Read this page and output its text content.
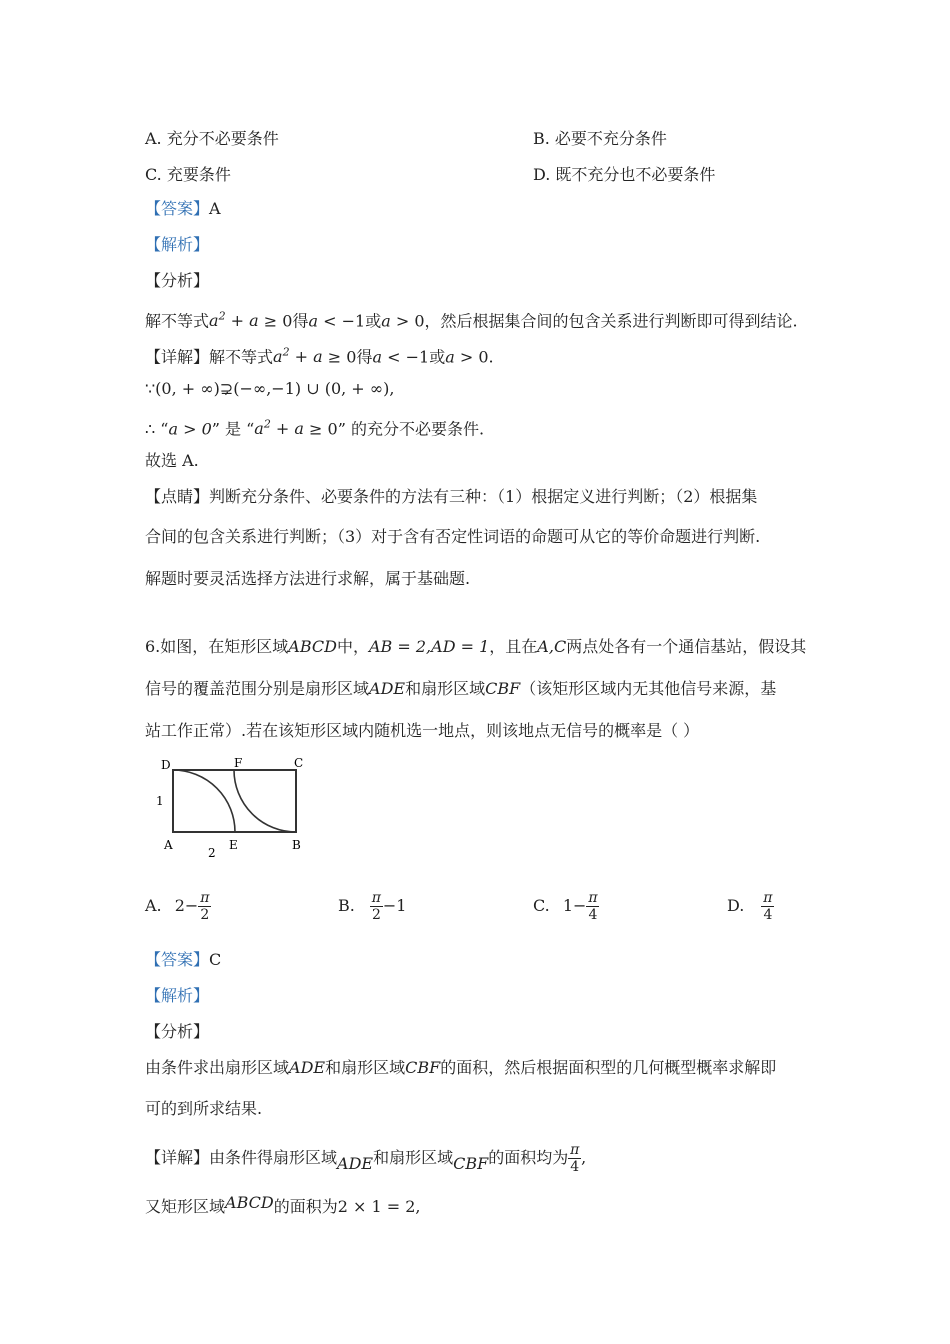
A. 充分不必要条件	B. 必要不充分条件
C. 充要条件	D. 既不充分也不必要条件
【答案】A
【解析】
【分析】
解不等式$a^2 + a \ge 0$得a < −1或a > 0，然后根据集合间的包含关系进行判断即可得到结论.
【详解】解不等式$a^2 + a \ge 0$得a < −1或a > 0.
∵(0, + ∞)⊋(−∞,−1) ∪ (0, + ∞),
∴ “a > 0” 是 “$a^2 + a \ge 0$” 的充分不必要条件.
故选 A.
【点睛】判断充分条件、必要条件的方法有三种：（1）根据定义进行判断；（2）根据集
合间的包含关系进行判断；（3）对于含有否定性词语的命题可从它的等价命题进行判断.
解题时要灵活选择方法进行求解，属于基础题.
6.如图，在矩形区域ABCD中，AB = 2,AD = 1，且在A,C两点处各有一个通信基站，假设其
信号的覆盖范围分别是扇形区域ADE和扇形区域CBF（该矩形区域内无其他信号来源，基
站工作正常）.若在该矩形区域内随机选一地点，则该地点无信号的概率是（ ）
D	F	C
1
A	E	B
2
A. $2- \frac{\pi}{2}$	B. $\frac{\pi}{2} -1$	C. $1- \frac{\pi}{4}$	D. $\frac{\pi}{4}$
【答案】C
【解析】
【分析】
由条件求出扇形区域ADE和扇形区域CBF的面积，然后根据面积型的几何概型概率求解即
可的到所求结果.
【详解】由条件得扇形区域ADE和扇形区域CBF的面积均为 $\frac{\pi}{4}$ ,
又矩形区域ABCD的面积为2 × 1 = 2,
